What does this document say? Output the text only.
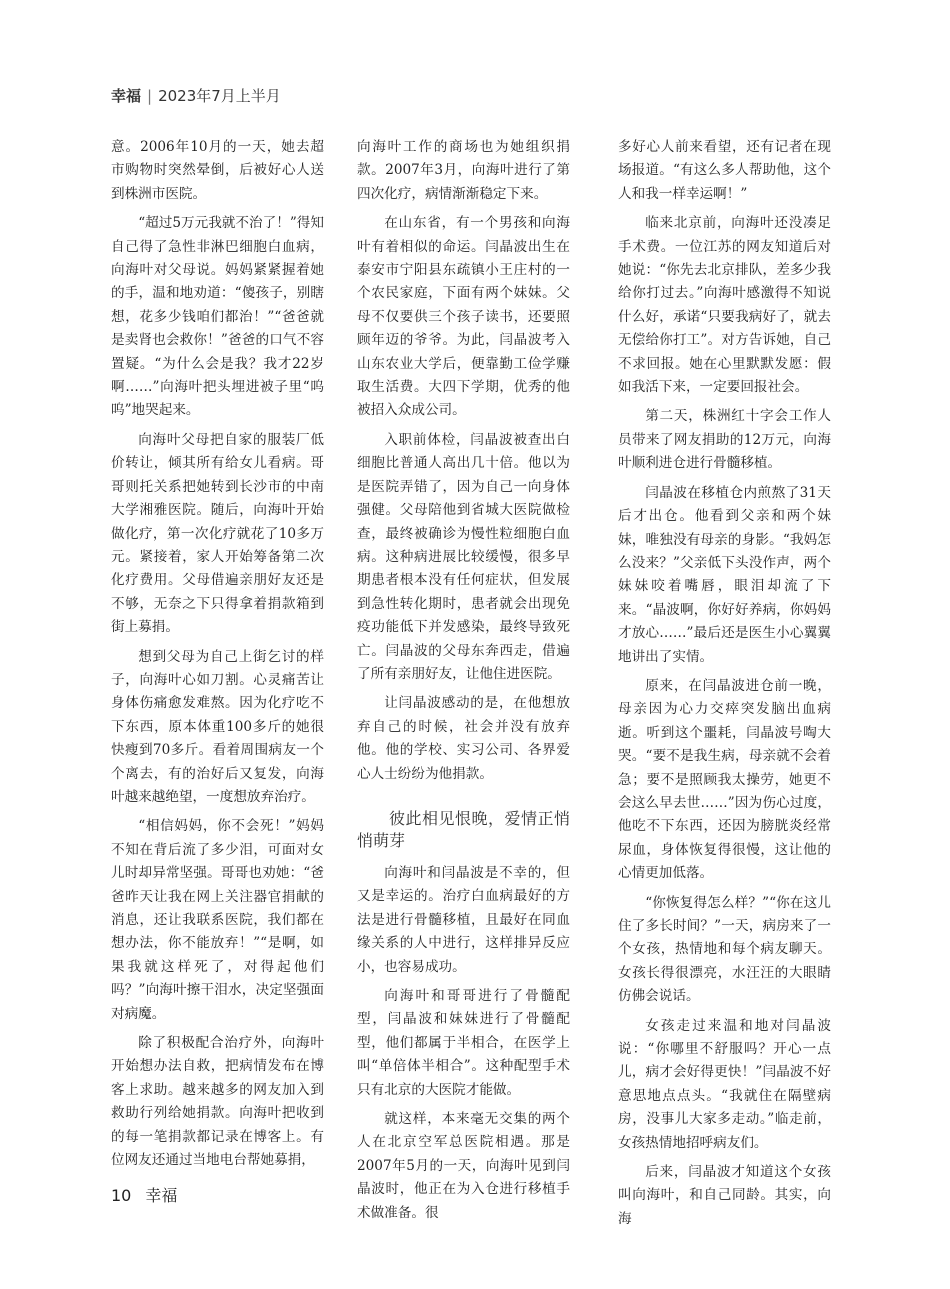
幸福 | 2023年7月上半月

意。2006年10月的一天，她去超市购物时突然晕倒，后被好心人送到株洲市医院。

“超过5万元我就不治了！”得知自己得了急性非淋巴细胞白血病，向海叶对父母说。妈妈紧紧握着她的手，温和地劝道：“傻孩子，别瞎想，花多少钱咱们都治！”“爸爸就是卖肾也会救你！”爸爸的口气不容置疑。“为什么会是我？我才22岁啊……”向海叶把头埋进被子里“呜呜”地哭起来。

向海叶父母把自家的服装厂低价转让，倾其所有给女儿看病。哥哥则托关系把她转到长沙市的中南大学湘雅医院。随后，向海叶开始做化疗，第一次化疗就花了10多万元。紧接着，家人开始筹备第二次化疗费用。父母借遍亲朋好友还是不够，无奈之下只得拿着捐款箱到街上募捐。

想到父母为自己上街乞讨的样子，向海叶心如刀割。心灵痛苦让身体伤痛愈发难熬。因为化疗吃不下东西，原本体重100多斤的她很快瘦到70多斤。看着周围病友一个个离去，有的治好后又复发，向海叶越来越绝望，一度想放弃治疗。

“相信妈妈，你不会死！”妈妈不知在背后流了多少泪，可面对女儿时却异常坚强。哥哥也劝她：“爸爸昨天让我在网上关注器官捐献的消息，还让我联系医院，我们都在想办法，你不能放弃！”“是啊，如果我就这样死了，对得起他们吗？”向海叶擦干泪水，决定坚强面对病魔。

除了积极配合治疗外，向海叶开始想办法自救，把病情发布在博客上求助。越来越多的网友加入到救助行列给她捐款。向海叶把收到的每一笔捐款都记录在博客上。有位网友还通过当地电台帮她募捐，

向海叶工作的商场也为她组织捐款。2007年3月，向海叶进行了第四次化疗，病情渐渐稳定下来。

在山东省，有一个男孩和向海叶有着相似的命运。闫晶波出生在泰安市宁阳县东疏镇小王庄村的一个农民家庭，下面有两个妹妹。父母不仅要供三个孩子读书，还要照顾年迈的爷爷。为此，闫晶波考入山东农业大学后，便靠勤工俭学赚取生活费。大四下学期，优秀的他被招入众成公司。

入职前体检，闫晶波被查出白细胞比普通人高出几十倍。他以为是医院弄错了，因为自己一向身体强健。父母陪他到省城大医院做检查，最终被确诊为慢性粒细胞白血病。这种病进展比较缓慢，很多早期患者根本没有任何症状，但发展到急性转化期时，患者就会出现免疫功能低下并发感染，最终导致死亡。闫晶波的父母东奔西走，借遍了所有亲朋好友，让他住进医院。

让闫晶波感动的是，在他想放弃自己的时候，社会并没有放弃他。他的学校、实习公司、各界爱心人士纷纷为他捐款。

彼此相见恨晚，爱情正悄悄萌芽

向海叶和闫晶波是不幸的，但又是幸运的。治疗白血病最好的方法是进行骨髓移植，且最好在同血缘关系的人中进行，这样排异反应小，也容易成功。

向海叶和哥哥进行了骨髓配型，闫晶波和妹妹进行了骨髓配型，他们都属于半相合，在医学上叫“单倍体半相合”。这种配型手术只有北京的大医院才能做。

就这样，本来毫无交集的两个人在北京空军总医院相遇。那是2007年5月的一天，向海叶见到闫晶波时，他正在为入仓进行移植手术做准备。很

多好心人前来看望，还有记者在现场报道。“有这么多人帮助他，这个人和我一样幸运啊！”

临来北京前，向海叶还没凑足手术费。一位江苏的网友知道后对她说：“你先去北京排队，差多少我给你打过去。”向海叶感激得不知说什么好，承诺“只要我病好了，就去无偿给你打工”。对方告诉她，自己不求回报。她在心里默默发愿：假如我活下来，一定要回报社会。

第二天，株洲红十字会工作人员带来了网友捐助的12万元，向海叶顺利进仓进行骨髓移植。

闫晶波在移植仓内煎熬了31天后才出仓。他看到父亲和两个妹妹，唯独没有母亲的身影。“我妈怎么没来？”父亲低下头没作声，两个妹妹咬着嘴唇，眼泪却流了下来。“晶波啊，你好好养病，你妈妈才放心……”最后还是医生小心翼翼地讲出了实情。

原来，在闫晶波进仓前一晚，母亲因为心力交瘁突发脑出血病逝。听到这个噩耗，闫晶波号啕大哭。“要不是我生病，母亲就不会着急；要不是照顾我太操劳，她更不会这么早去世……”因为伤心过度，他吃不下东西，还因为膀胱炎经常尿血，身体恢复得很慢，这让他的心情更加低落。

“你恢复得怎么样？”“你在这儿住了多长时间？”一天，病房来了一个女孩，热情地和每个病友聊天。女孩长得很漂亮，水汪汪的大眼睛仿佛会说话。

女孩走过来温和地对闫晶波说：“你哪里不舒服吗？开心一点儿，病才会好得更快！”闫晶波不好意思地点点头。“我就住在隔壁病房，没事儿大家多走动。”临走前，女孩热情地招呼病友们。

后来，闫晶波才知道这个女孩叫向海叶，和自己同龄。其实，向海

10 幸福
